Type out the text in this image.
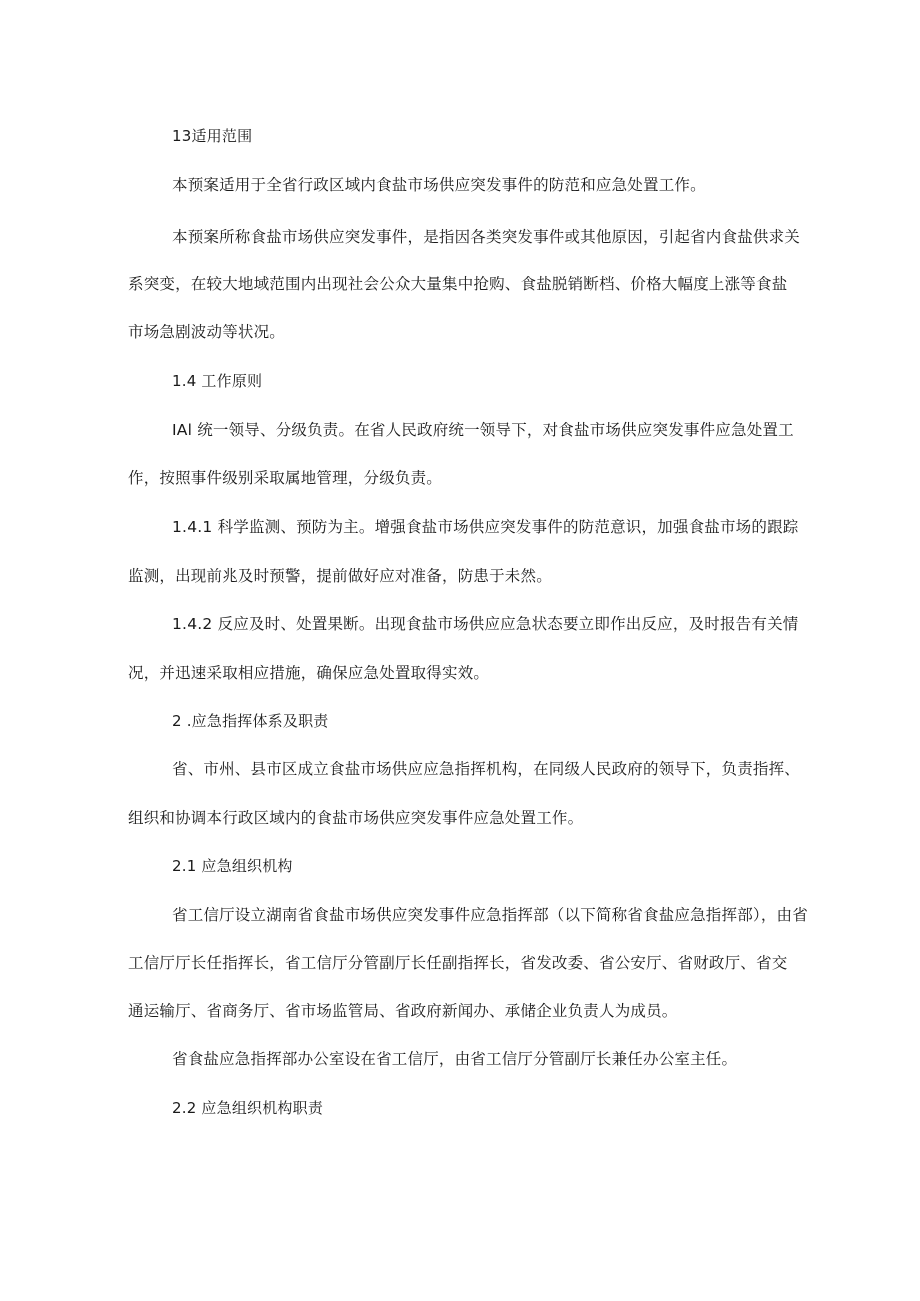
13适用范围
本预案适用于全省行政区域内食盐市场供应突发事件的防范和应急处置工作。
本预案所称食盐市场供应突发事件，是指因各类突发事件或其他原因，引起省内食盐供求关
系突变，在较大地域范围内出现社会公众大量集中抢购、食盐脱销断档、价格大幅度上涨等食盐
市场急剧波动等状况。
1.4 工作原则
IAl 统一领导、分级负责。在省人民政府统一领导下，对食盐市场供应突发事件应急处置工
作，按照事件级别采取属地管理，分级负责。
1.4.1 科学监测、预防为主。增强食盐市场供应突发事件的防范意识，加强食盐市场的跟踪
监测，出现前兆及时预警，提前做好应对准备，防患于未然。
1.4.2 反应及时、处置果断。出现食盐市场供应应急状态要立即作出反应，及时报告有关情
况，并迅速采取相应措施，确保应急处置取得实效。
2 .应急指挥体系及职责
省、市州、县市区成立食盐市场供应应急指挥机构，在同级人民政府的领导下，负责指挥、
组织和协调本行政区域内的食盐市场供应突发事件应急处置工作。
2.1 应急组织机构
省工信厅设立湖南省食盐市场供应突发事件应急指挥部（以下简称省食盐应急指挥部），由省
工信厅厅长任指挥长，省工信厅分管副厅长任副指挥长，省发改委、省公安厅、省财政厅、省交
通运输厅、省商务厅、省市场监管局、省政府新闻办、承储企业负责人为成员。
省食盐应急指挥部办公室设在省工信厅，由省工信厅分管副厅长兼任办公室主任。
2.2 应急组织机构职责
